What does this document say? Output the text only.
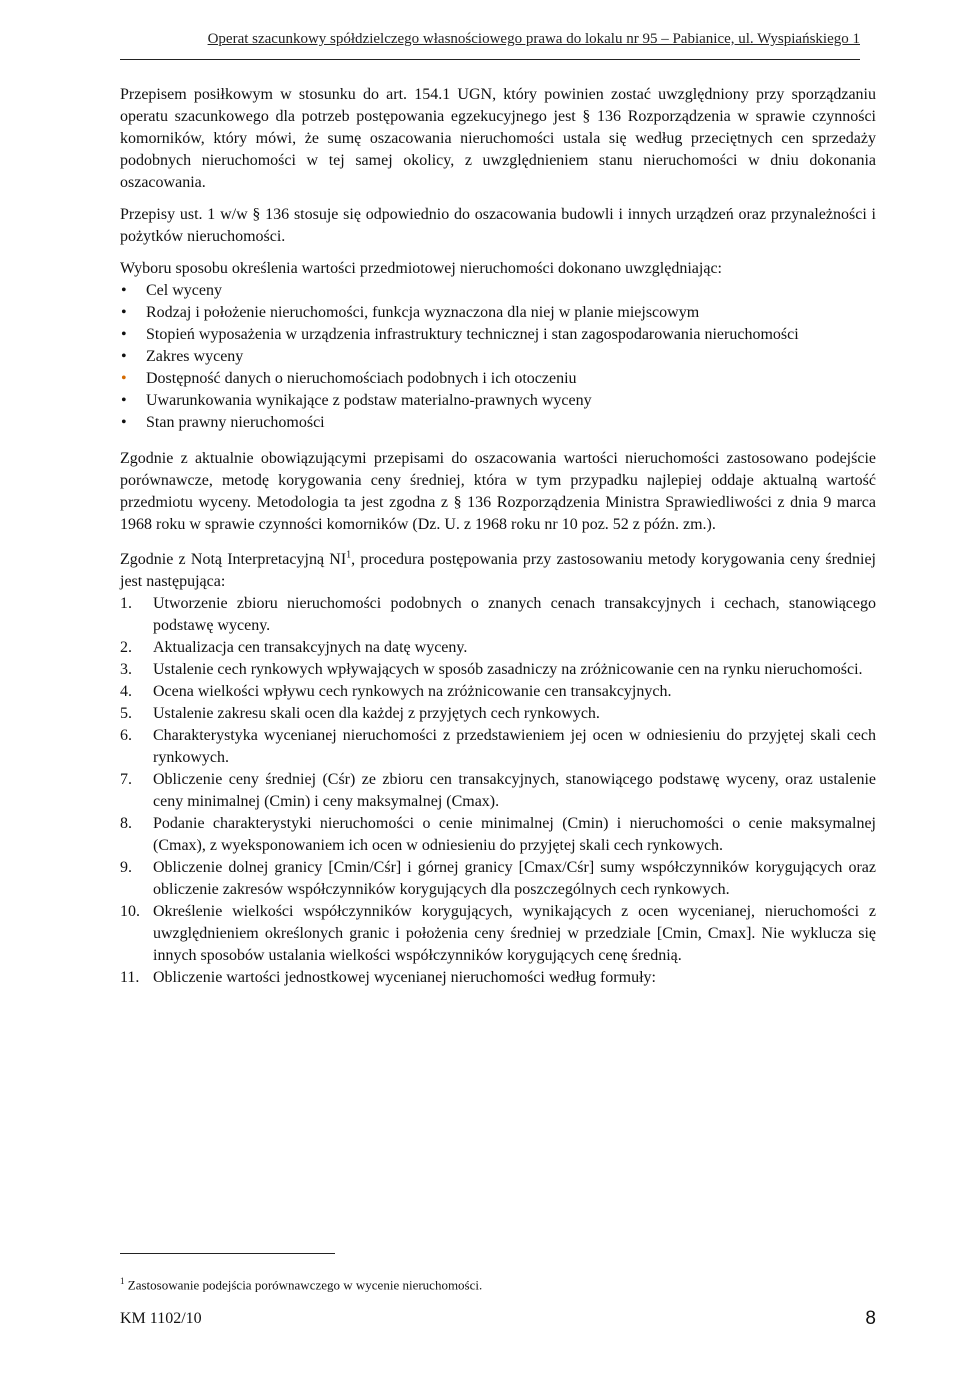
Operat szacunkowy spółdzielczego własnościowego prawa do lokalu nr 95 – Pabianice, ul. Wyspiańskiego 1

Przepisem posiłkowym w stosunku do art. 154.1 UGN, który powinien zostać uwzględniony przy sporządzaniu operatu szacunkowego dla potrzeb postępowania egzekucyjnego jest § 136 Rozporządzenia w sprawie czynności komorników, który mówi, że sumę oszacowania nieruchomości ustala się według przeciętnych cen sprzedaży podobnych nieruchomości w tej samej okolicy, z uwzględnieniem stanu nieruchomości w dniu dokonania oszacowania.

Przepisy ust. 1 w/w § 136 stosuje się odpowiednio do oszacowania budowli i innych urządzeń oraz przynależności i pożytków nieruchomości.

Wyboru sposobu określenia wartości przedmiotowej nieruchomości dokonano uwzględniając:

• Cel wyceny
• Rodzaj i położenie nieruchomości, funkcja wyznaczona dla niej w planie miejscowym
• Stopień wyposażenia w urządzenia infrastruktury technicznej i stan zagospodarowania nieruchomości
• Zakres wyceny
• Dostępność danych o nieruchomościach podobnych i ich otoczeniu
• Uwarunkowania wynikające z podstaw materialno-prawnych wyceny
• Stan prawny nieruchomości

Zgodnie z aktualnie obowiązującymi przepisami do oszacowania wartości nieruchomości zastosowano podejście porównawcze, metodę korygowania ceny średniej, która w tym przypadku najlepiej oddaje aktualną wartość przedmiotu wyceny. Metodologia ta jest zgodna z § 136 Rozporządzenia Ministra Sprawiedliwości z dnia 9 marca 1968 roku w sprawie czynności komorników (Dz. U. z 1968 roku nr 10 poz. 52 z późn. zm.).

Zgodnie z Notą Interpretacyjną NI$^1$, procedura postępowania przy zastosowaniu metody korygowania ceny średniej jest następująca:

1. Utworzenie zbioru nieruchomości podobnych o znanych cenach transakcyjnych i cechach, stanowiącego podstawę wyceny.
2. Aktualizacja cen transakcyjnych na datę wyceny.
3. Ustalenie cech rynkowych wpływających w sposób zasadniczy na zróżnicowanie cen na rynku nieruchomości.
4. Ocena wielkości wpływu cech rynkowych na zróżnicowanie cen transakcyjnych.
5. Ustalenie zakresu skali ocen dla każdej z przyjętych cech rynkowych.
6. Charakterystyka wycenianej nieruchomości z przedstawieniem jej ocen w odniesieniu do przyjętej skali cech rynkowych.
7. Obliczenie ceny średniej (Cśr) ze zbioru cen transakcyjnych, stanowiącego podstawę wyceny, oraz ustalenie ceny minimalnej (Cmin) i ceny maksymalnej (Cmax).
8. Podanie charakterystyki nieruchomości o cenie minimalnej (Cmin) i nieruchomości o cenie maksymalnej (Cmax), z wyeksponowaniem ich ocen w odniesieniu do przyjętej skali cech rynkowych.
9. Obliczenie dolnej granicy [Cmin/Cśr] i górnej granicy [Cmax/Cśr] sumy współczynników korygujących oraz obliczenie zakresów współczynników korygujących dla poszczególnych cech rynkowych.
10. Określenie wielkości współczynników korygujących, wynikających z ocen wycenianej, nieruchomości z uwzględnieniem określonych granic i położenia ceny średniej w przedziale [Cmin, Cmax]. Nie wyklucza się innych sposobów ustalania wielkości współczynników korygujących cenę średnią.
11. Obliczenie wartości jednostkowej wycenianej nieruchomości według formuły:
$^1$ Zastosowanie podejścia porównawczego w wycenie nieruchomości.
KM 1102/10	8
